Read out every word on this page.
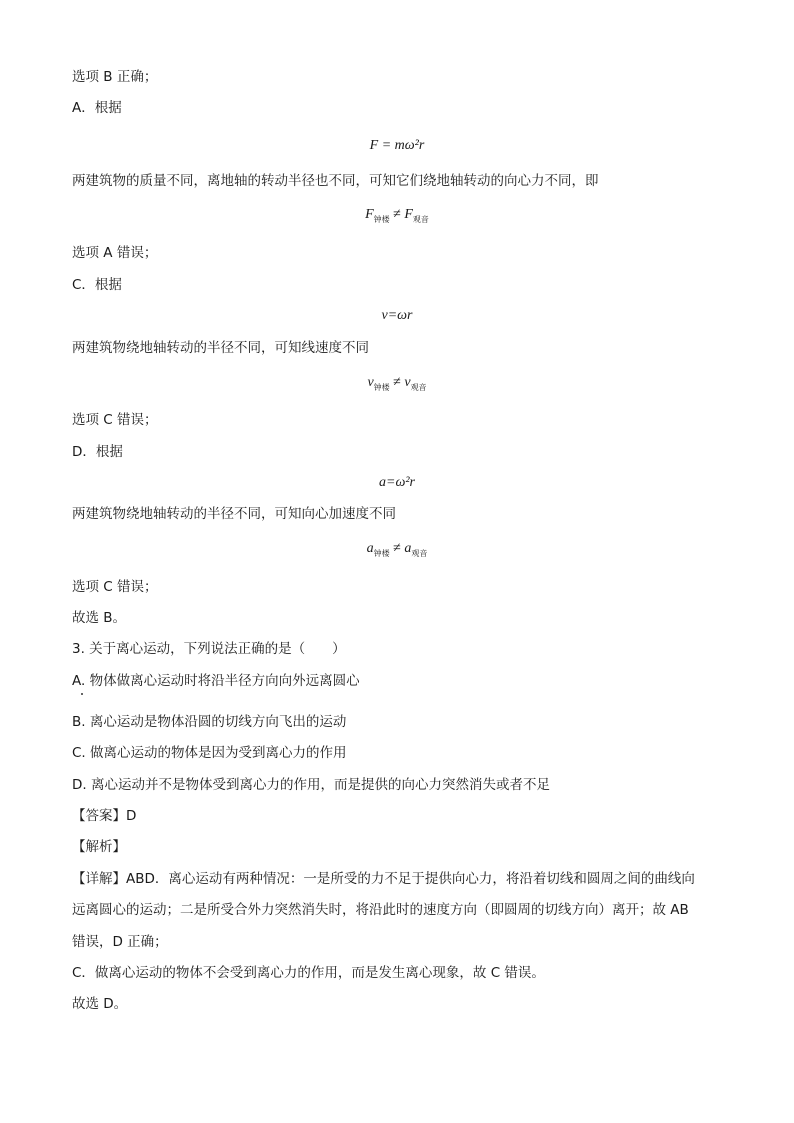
选项 B 正确；
A．根据
F = mω²r
两建筑物的质量不同，离地轴的转动半径也不同，可知它们绕地轴转动的向心力不同，即
$F_{钟楼} \ne F_{观音}$
选项 A 错误；
C．根据
v=ωr
两建筑物绕地轴转动的半径不同，可知线速度不同
$v_{钟楼} \ne v_{观音}$
选项 C 错误；
D．根据
a=ω²r
两建筑物绕地轴转动的半径不同，可知向心加速度不同
$a_{钟楼} \ne a_{观音}$
选项 C 错误；
故选 B。
3. 关于离心运动，下列说法正确的是（　　）
A. 物体做离心运动时将沿半径方向向外远离圆心
B. 离心运动是物体沿圆的切线方向飞出的运动
C. 做离心运动的物体是因为受到离心力的作用
D. 离心运动并不是物体受到离心力的作用，而是提供的向心力突然消失或者不足
【答案】D
【解析】
【详解】ABD．离心运动有两种情况：一是所受的力不足于提供向心力，将沿着切线和圆周之间的曲线向
远离圆心的运动；二是所受合外力突然消失时，将沿此时的速度方向（即圆周的切线方向）离开；故 AB
错误，D 正确；
C．做离心运动的物体不会受到离心力的作用，而是发生离心现象，故 C 错误。
故选 D。
